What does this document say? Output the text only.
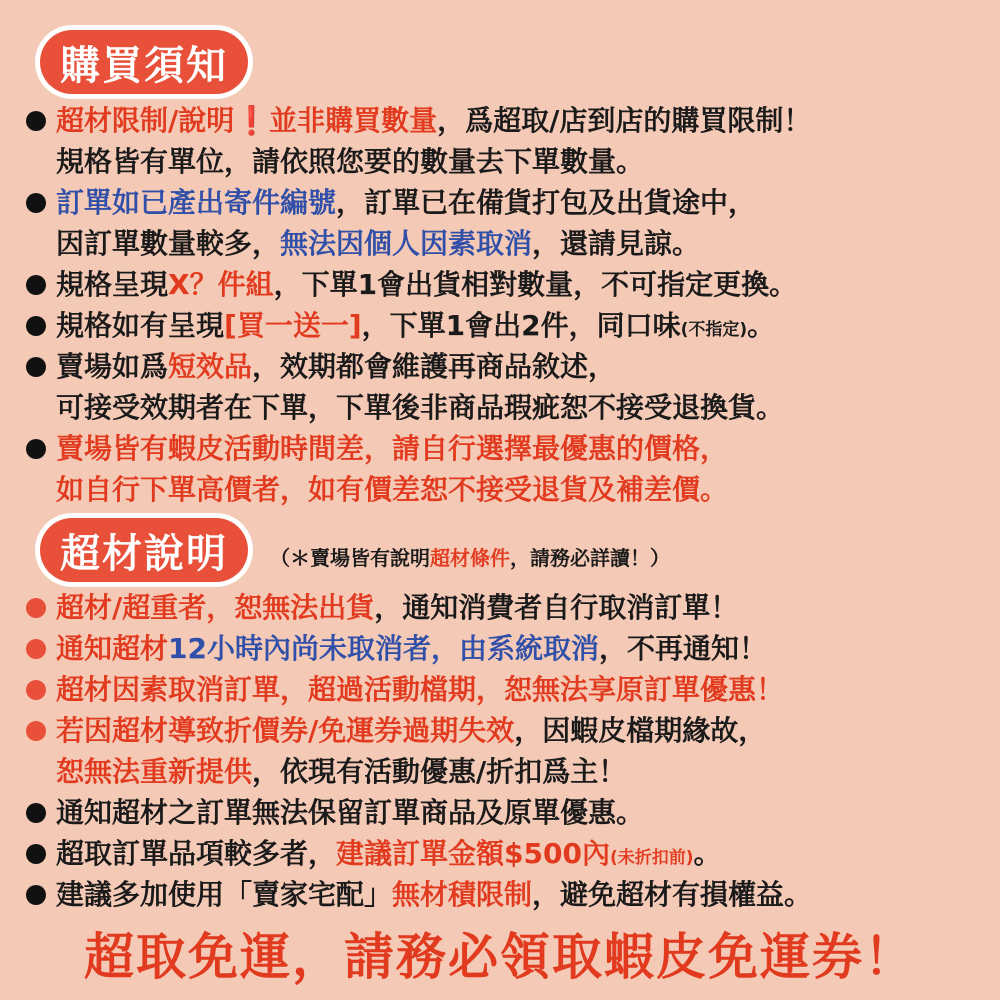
購買須知
超材限制/說明❗並非購買數量，爲超取/店到店的購買限制！
規格皆有單位，請依照您要的數量去下單數量。
訂單如已產出寄件編號，訂單已在備貨打包及出貨途中，
因訂單數量較多，無法因個人因素取消，還請見諒。
規格呈現X？件組，下單1會出貨相對數量，不可指定更換。
規格如有呈現[買一送一]，下單1會出2件，同口味(不指定)。
賣場如爲短效品，效期都會維護再商品敘述，
可接受效期者在下單，下單後非商品瑕疵恕不接受退換貨。
賣場皆有蝦皮活動時間差，請自行選擇最優惠的價格，
如自行下單高價者，如有價差恕不接受退貨及補差價。
超材說明 （＊賣場皆有說明超材條件，請務必詳讀！）
超材/超重者，恕無法出貨，通知消費者自行取消訂單！
通知超材12小時內尚未取消者，由系統取消，不再通知！
超材因素取消訂單，超過活動檔期，恕無法享原訂單優惠！
若因超材導致折價券/免運券過期失效，因蝦皮檔期緣故，
恕無法重新提供，依現有活動優惠/折扣爲主！
通知超材之訂單無法保留訂單商品及原單優惠。
超取訂單品項較多者，建議訂單金額$500內(未折扣前)。
建議多加使用「賣家宅配」無材積限制，避免超材有損權益。
超取免運，請務必領取蝦皮免運券！
